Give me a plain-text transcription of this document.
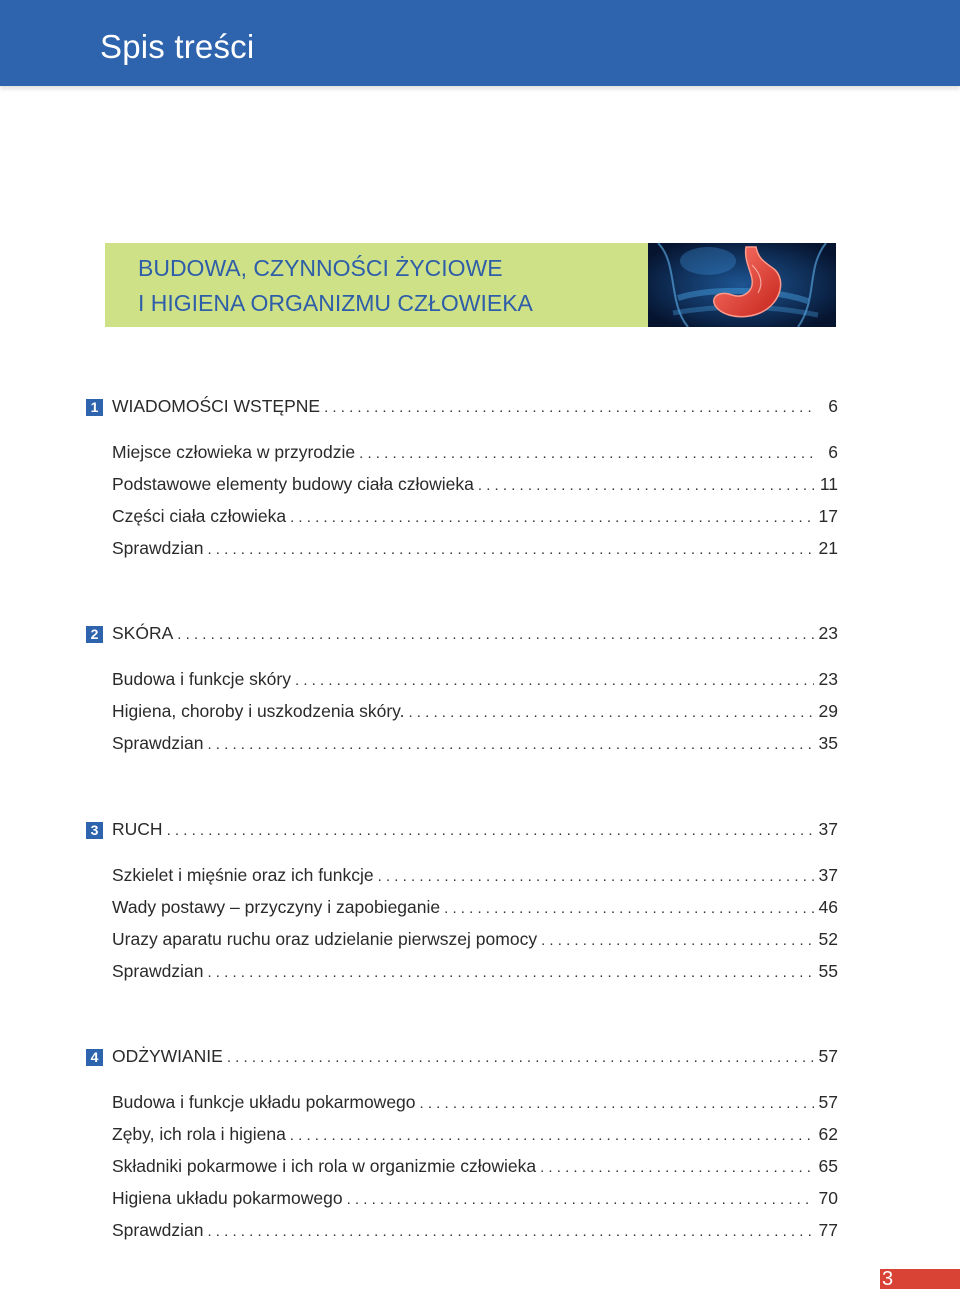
Spis treści
BUDOWA, CZYNNOŚCI ŻYCIOWE
I HIGIENA ORGANIZMU CZŁOWIEKA
1 WIADOMOŚCI WSTĘPNE . . .	6
Miejsce człowieka w przyrodzie . . .	6
Podstawowe elementy budowy ciała człowieka . . .	11
Części ciała człowieka . . .	17
Sprawdzian . . .	21
2 SKÓRA . . .	23
Budowa i funkcje skóry . . .	23
Higiena, choroby i uszkodzenia skóry. . . .	29
Sprawdzian . . .	35
3 RUCH . . .	37
Szkielet i mięśnie oraz ich funkcje . . .	37
Wady postawy – przyczyny i zapobieganie . . .	46
Urazy aparatu ruchu oraz udzielanie pierwszej pomocy . . .	52
Sprawdzian . . .	55
4 ODŻYWIANIE . . .	57
Budowa i funkcje układu pokarmowego . . .	57
Zęby, ich rola i higiena . . .	62
Składniki pokarmowe i ich rola w organizmie człowieka . . .	65
Higiena układu pokarmowego . . .	70
Sprawdzian . . .	77
3
